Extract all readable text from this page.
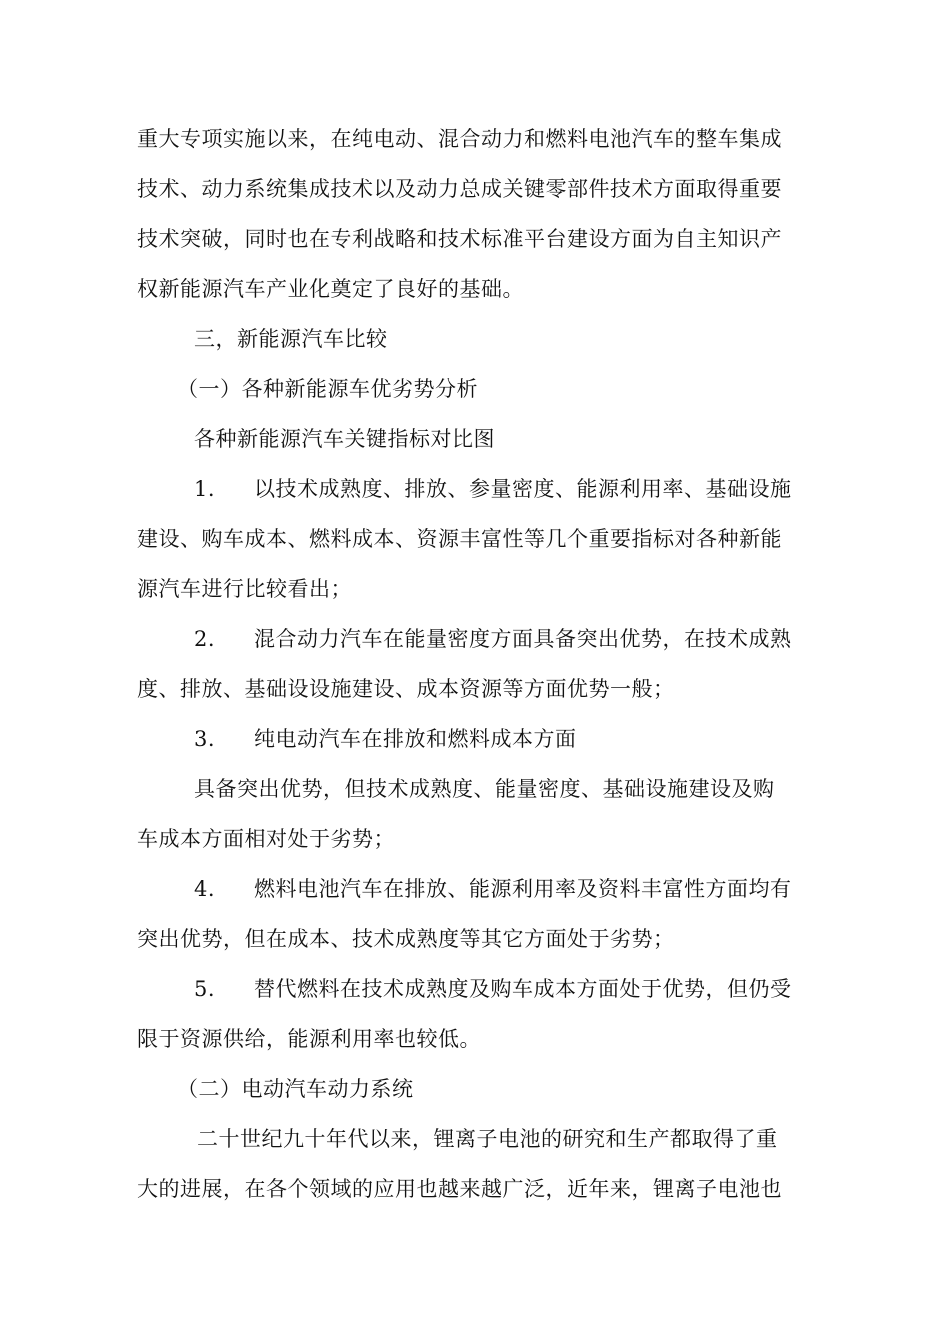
重大专项实施以来，在纯电动、混合动力和燃料电池汽车的整车集成
技术、动力系统集成技术以及动力总成关键零部件技术方面取得重要
技术突破，同时也在专利战略和技术标准平台建设方面为自主知识产
权新能源汽车产业化奠定了良好的基础。
三，新能源汽车比较
（一）各种新能源车优劣势分析
各种新能源汽车关键指标对比图
1. 以技术成熟度、排放、参量密度、能源利用率、基础设施
建设、购车成本、燃料成本、资源丰富性等几个重要指标对各种新能
源汽车进行比较看出；
2. 混合动力汽车在能量密度方面具备突出优势，在技术成熟
度、排放、基础设设施建设、成本资源等方面优势一般；
3. 纯电动汽车在排放和燃料成本方面
具备突出优势，但技术成熟度、能量密度、基础设施建设及购
车成本方面相对处于劣势；
4. 燃料电池汽车在排放、能源利用率及资料丰富性方面均有
突出优势，但在成本、技术成熟度等其它方面处于劣势；
5. 替代燃料在技术成熟度及购车成本方面处于优势，但仍受
限于资源供给，能源利用率也较低。
（二）电动汽车动力系统
二十世纪九十年代以来，锂离子电池的研究和生产都取得了重
大的进展，在各个领域的应用也越来越广泛，近年来，锂离子电池也
